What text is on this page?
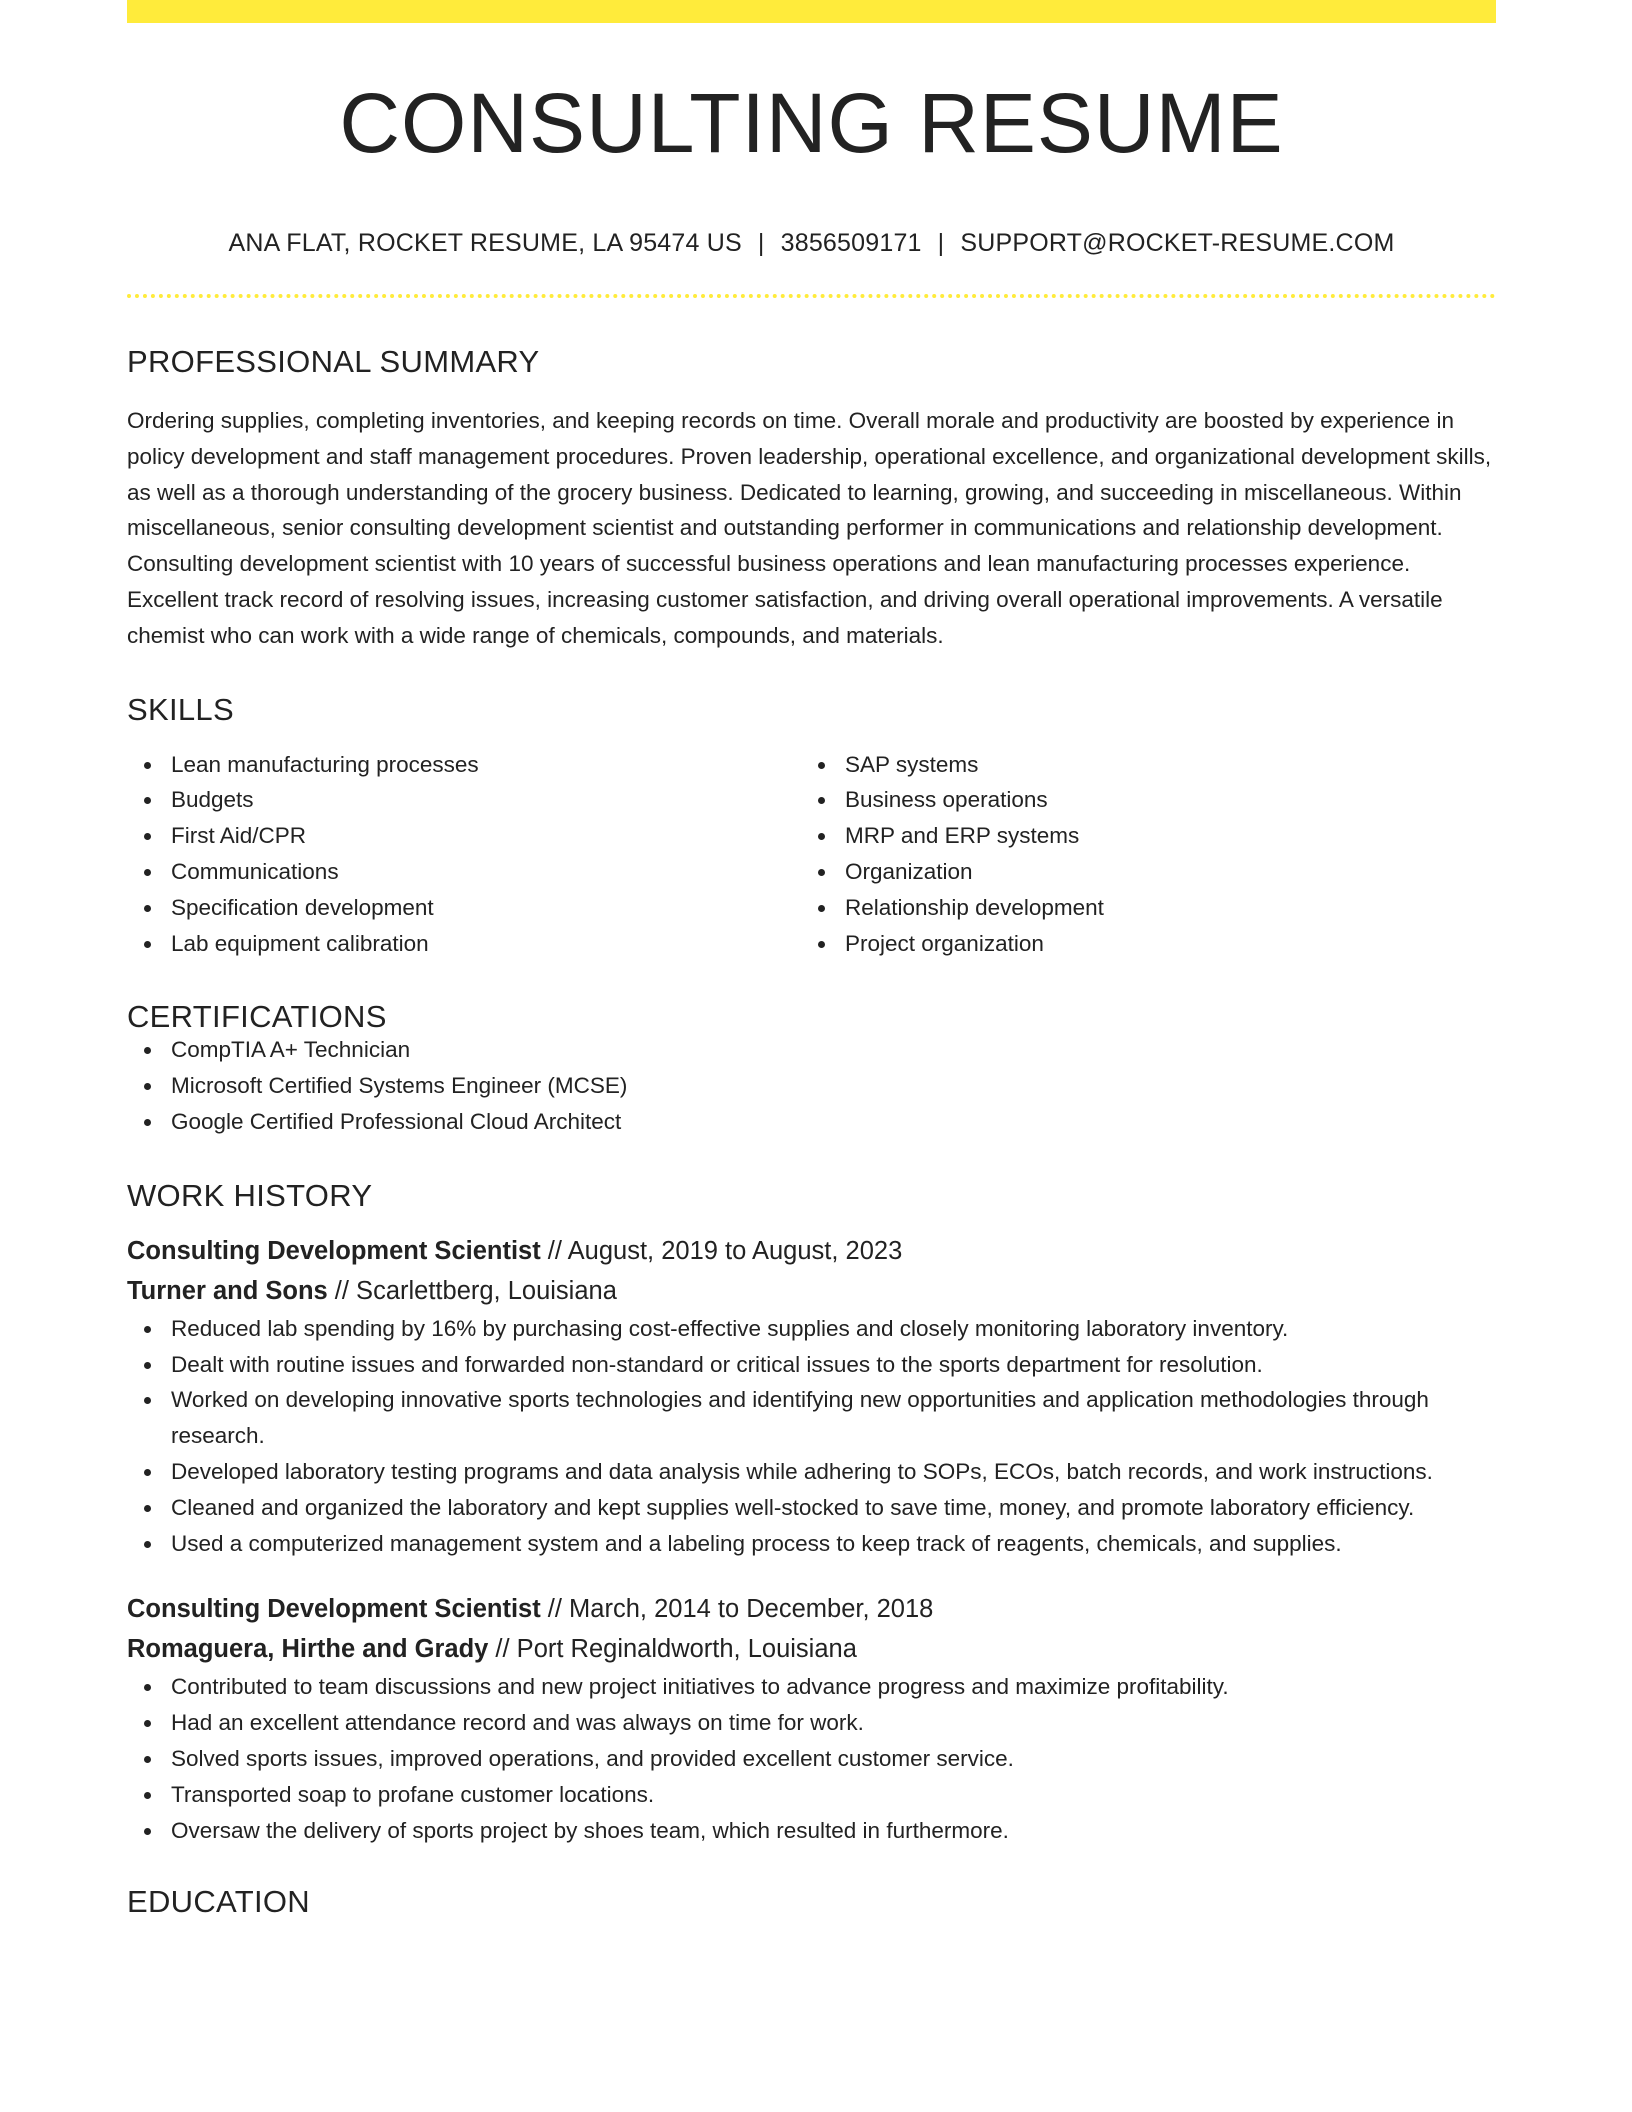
CONSULTING RESUME
ANA FLAT, ROCKET RESUME, LA 95474 US | 3856509171 | SUPPORT@ROCKET-RESUME.COM
PROFESSIONAL SUMMARY

Ordering supplies, completing inventories, and keeping records on time. Overall morale and productivity are boosted by experience in policy development and staff management procedures. Proven leadership, operational excellence, and organizational development skills, as well as a thorough understanding of the grocery business. Dedicated to learning, growing, and succeeding in miscellaneous. Within miscellaneous, senior consulting development scientist and outstanding performer in communications and relationship development. Consulting development scientist with 10 years of successful business operations and lean manufacturing processes experience. Excellent track record of resolving issues, increasing customer satisfaction, and driving overall operational improvements. A versatile chemist who can work with a wide range of chemicals, compounds, and materials.

SKILLS
Lean manufacturing processes
Budgets
First Aid/CPR
Communications
Specification development
Lab equipment calibration
SAP systems
Business operations
MRP and ERP systems
Organization
Relationship development
Project organization
CERTIFICATIONS
CompTIA A+ Technician
Microsoft Certified Systems Engineer (MCSE)
Google Certified Professional Cloud Architect
WORK HISTORY
Consulting Development Scientist // August, 2019 to August, 2023
Turner and Sons // Scarlettberg, Louisiana
Reduced lab spending by 16% by purchasing cost-effective supplies and closely monitoring laboratory inventory.
Dealt with routine issues and forwarded non-standard or critical issues to the sports department for resolution.
Worked on developing innovative sports technologies and identifying new opportunities and application methodologies through research.
Developed laboratory testing programs and data analysis while adhering to SOPs, ECOs, batch records, and work instructions.
Cleaned and organized the laboratory and kept supplies well-stocked to save time, money, and promote laboratory efficiency.
Used a computerized management system and a labeling process to keep track of reagents, chemicals, and supplies.
Consulting Development Scientist // March, 2014 to December, 2018
Romaguera, Hirthe and Grady // Port Reginaldworth, Louisiana
Contributed to team discussions and new project initiatives to advance progress and maximize profitability.
Had an excellent attendance record and was always on time for work.
Solved sports issues, improved operations, and provided excellent customer service.
Transported soap to profane customer locations.
Oversaw the delivery of sports project by shoes team, which resulted in furthermore.
EDUCATION
